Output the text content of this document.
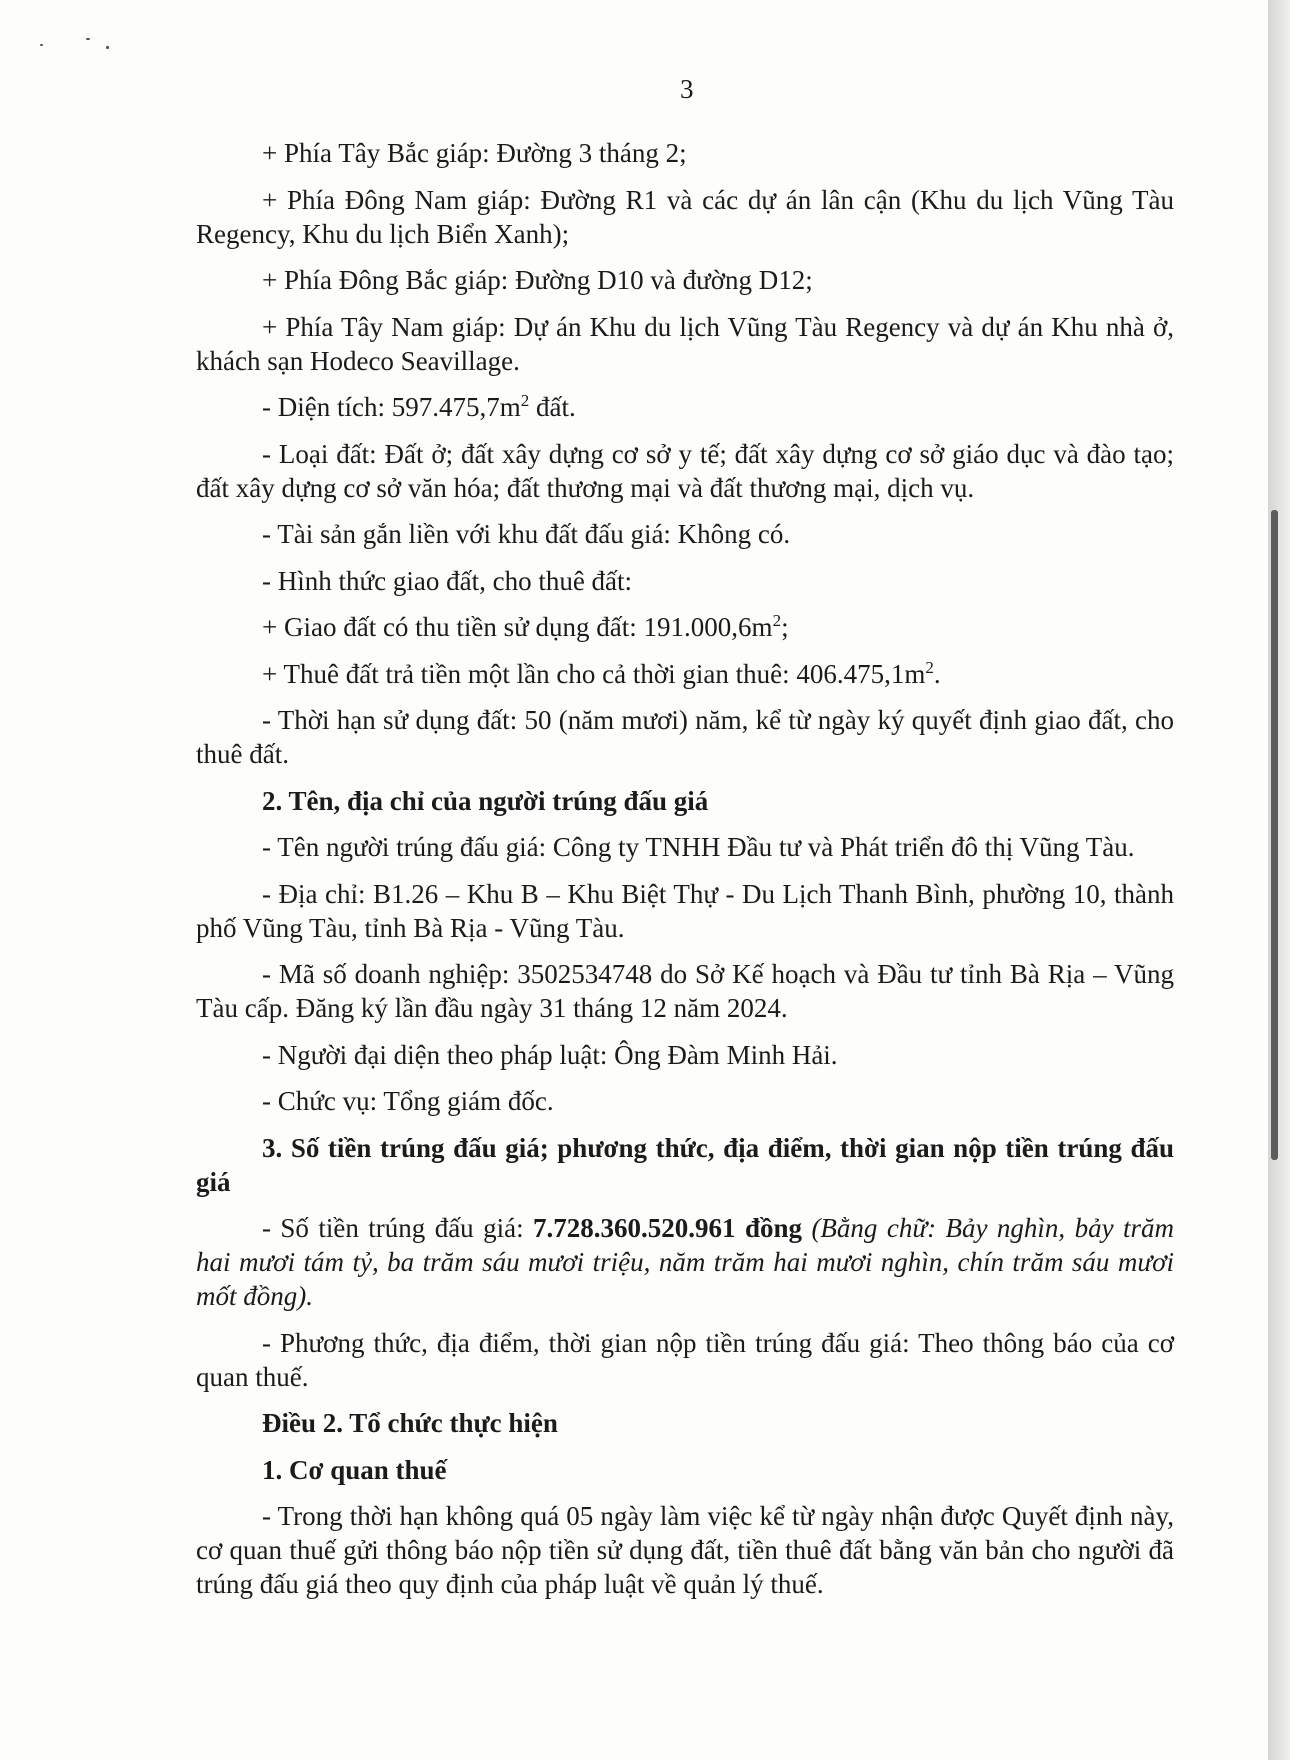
3

+ Phía Tây Bắc giáp: Đường 3 tháng 2;

+ Phía Đông Nam giáp: Đường R1 và các dự án lân cận (Khu du lịch Vũng Tàu Regency, Khu du lịch Biển Xanh);

+ Phía Đông Bắc giáp: Đường D10 và đường D12;

+ Phía Tây Nam giáp: Dự án Khu du lịch Vũng Tàu Regency và dự án Khu nhà ở, khách sạn Hodeco Seavillage.

- Diện tích: $597.475,7m^2$ đất.

- Loại đất: Đất ở; đất xây dựng cơ sở y tế; đất xây dựng cơ sở giáo dục và đào tạo; đất xây dựng cơ sở văn hóa; đất thương mại và đất thương mại, dịch vụ.

- Tài sản gắn liền với khu đất đấu giá: Không có.

- Hình thức giao đất, cho thuê đất:

+ Giao đất có thu tiền sử dụng đất: $191.000,6m^2$;

+ Thuê đất trả tiền một lần cho cả thời gian thuê: $406.475,1m^2$.

- Thời hạn sử dụng đất: 50 (năm mươi) năm, kể từ ngày ký quyết định giao đất, cho thuê đất.

2. Tên, địa chỉ của người trúng đấu giá

- Tên người trúng đấu giá: Công ty TNHH Đầu tư và Phát triển đô thị Vũng Tàu.

- Địa chỉ: B1.26 – Khu B – Khu Biệt Thự - Du Lịch Thanh Bình, phường 10, thành phố Vũng Tàu, tỉnh Bà Rịa - Vũng Tàu.

- Mã số doanh nghiệp: 3502534748 do Sở Kế hoạch và Đầu tư tỉnh Bà Rịa – Vũng Tàu cấp. Đăng ký lần đầu ngày 31 tháng 12 năm 2024.

- Người đại diện theo pháp luật: Ông Đàm Minh Hải.

- Chức vụ: Tổng giám đốc.

3. Số tiền trúng đấu giá; phương thức, địa điểm, thời gian nộp tiền trúng đấu giá

- Số tiền trúng đấu giá: 7.728.360.520.961 đồng (Bằng chữ: Bảy nghìn, bảy trăm hai mươi tám tỷ, ba trăm sáu mươi triệu, năm trăm hai mươi nghìn, chín trăm sáu mươi mốt đồng).

- Phương thức, địa điểm, thời gian nộp tiền trúng đấu giá: Theo thông báo của cơ quan thuế.

Điều 2. Tổ chức thực hiện

1. Cơ quan thuế

- Trong thời hạn không quá 05 ngày làm việc kể từ ngày nhận được Quyết định này, cơ quan thuế gửi thông báo nộp tiền sử dụng đất, tiền thuê đất bằng văn bản cho người đã trúng đấu giá theo quy định của pháp luật về quản lý thuế.
